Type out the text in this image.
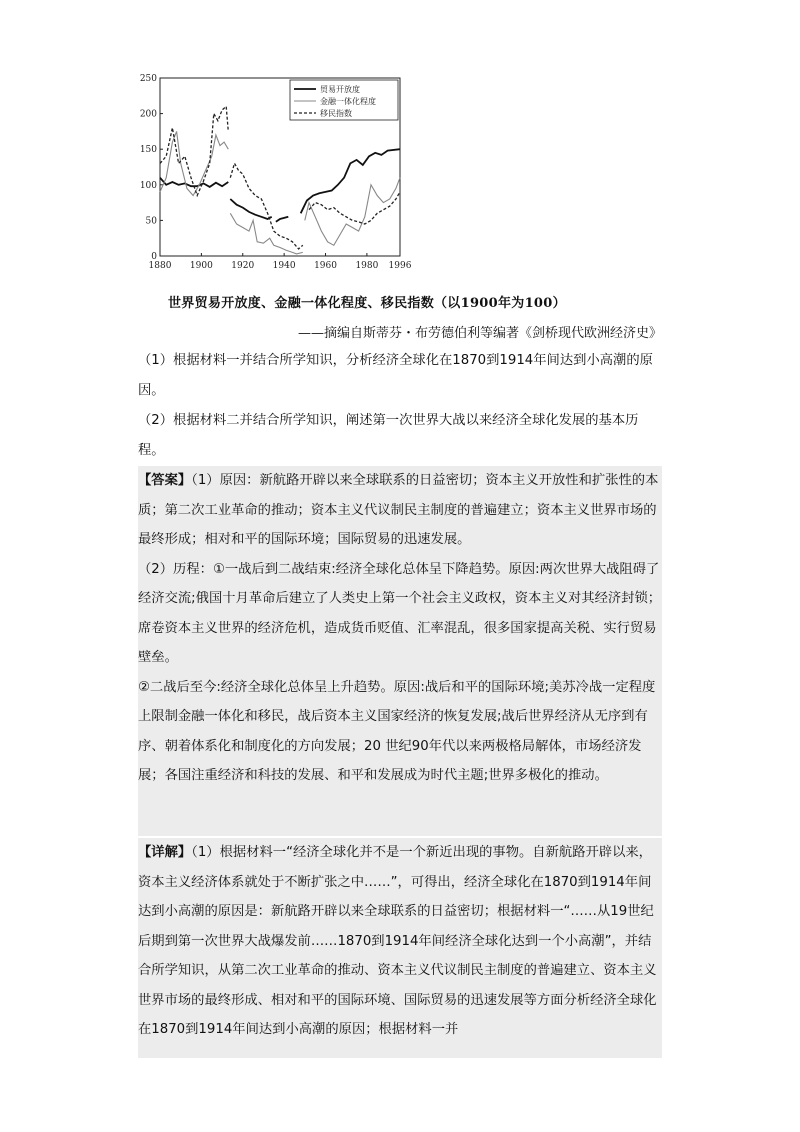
0
50
100
150
200
250
1880 1900 1920 1940 1960 1980 1996
贸易开放度
金融一体化程度
移民指数
世界贸易开放度、金融一体化程度、移民指数（以1900年为100）
——摘编自斯蒂芬・布劳德伯利等编著《剑桥现代欧洲经济史》
（1）根据材料一并结合所学知识，分析经济全球化在1870到1914年间达到小高潮的原因。
（2）根据材料二并结合所学知识，阐述第一次世界大战以来经济全球化发展的基本历程。

【答案】（1）原因：新航路开辟以来全球联系的日益密切；资本主义开放性和扩张性的本质；第二次工业革命的推动；资本主义代议制民主制度的普遍建立；资本主义世界市场的最终形成；相对和平的国际环境；国际贸易的迅速发展。

（2）历程：①一战后到二战结束:经济全球化总体呈下降趋势。原因:两次世界大战阻碍了经济交流;俄国十月革命后建立了人类史上第一个社会主义政权，资本主义对其经济封锁；席卷资本主义世界的经济危机，造成货币贬值、汇率混乱，很多国家提高关税、实行贸易壁垒。

②二战后至今:经济全球化总体呈上升趋势。原因:战后和平的国际环境;美苏冷战一定程度上限制金融一体化和移民，战后资本主义国家经济的恢复发展;战后世界经济从无序到有序、朝着体系化和制度化的方向发展；20 世纪90年代以来两极格局解体，市场经济发展；各国注重经济和科技的发展、和平和发展成为时代主题;世界多极化的推动。

【详解】（1）根据材料一“经济全球化并不是一个新近出现的事物。自新航路开辟以来，资本主义经济体系就处于不断扩张之中……”，可得出，经济全球化在1870到1914年间达到小高潮的原因是：新航路开辟以来全球联系的日益密切；根据材料一“……从19世纪后期到第一次世界大战爆发前……1870到1914年间经济全球化达到一个小高潮”，并结合所学知识，从第二次工业革命的推动、资本主义代议制民主制度的普遍建立、资本主义世界市场的最终形成、相对和平的国际环境、国际贸易的迅速发展等方面分析经济全球化在1870到1914年间达到小高潮的原因；根据材料一并
